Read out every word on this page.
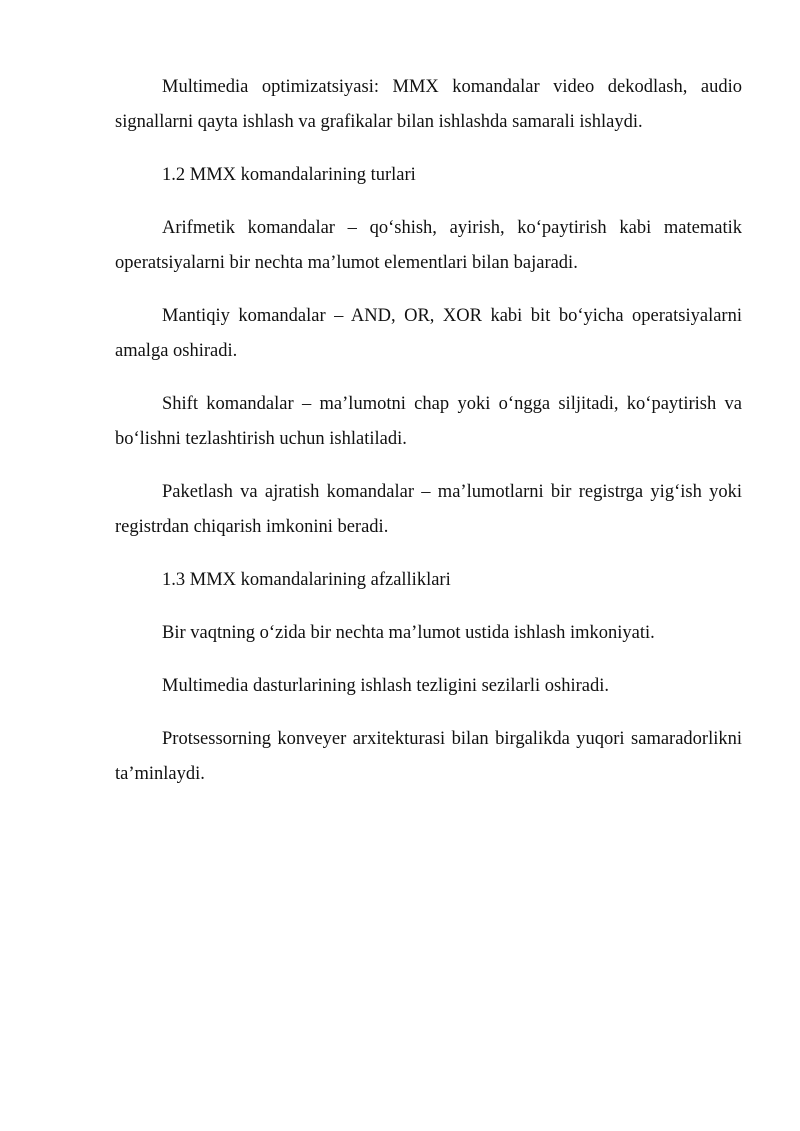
Multimedia optimizatsiyasi: MMX komandalar video dekodlash, audio signallarni qayta ishlash va grafikalar bilan ishlashda samarali ishlaydi.

1.2 MMX komandalarining turlari

Arifmetik komandalar – qo‘shish, ayirish, ko‘paytirish kabi matematik operatsiyalarni bir nechta ma’lumot elementlari bilan bajaradi.

Mantiqiy komandalar – AND, OR, XOR kabi bit bo‘yicha operatsiyalarni amalga oshiradi.

Shift komandalar – ma’lumotni chap yoki o‘ngga siljitadi, ko‘paytirish va bo‘lishni tezlashtirish uchun ishlatiladi.

Paketlash va ajratish komandalar – ma’lumotlarni bir registrga yig‘ish yoki registrdan chiqarish imkonini beradi.

1.3 MMX komandalarining afzalliklari

Bir vaqtning o‘zida bir nechta ma’lumot ustida ishlash imkoniyati.

Multimedia dasturlarining ishlash tezligini sezilarli oshiradi.

Protsessorning konveyer arxitekturasi bilan birgalikda yuqori samaradorlikni ta’minlaydi.
